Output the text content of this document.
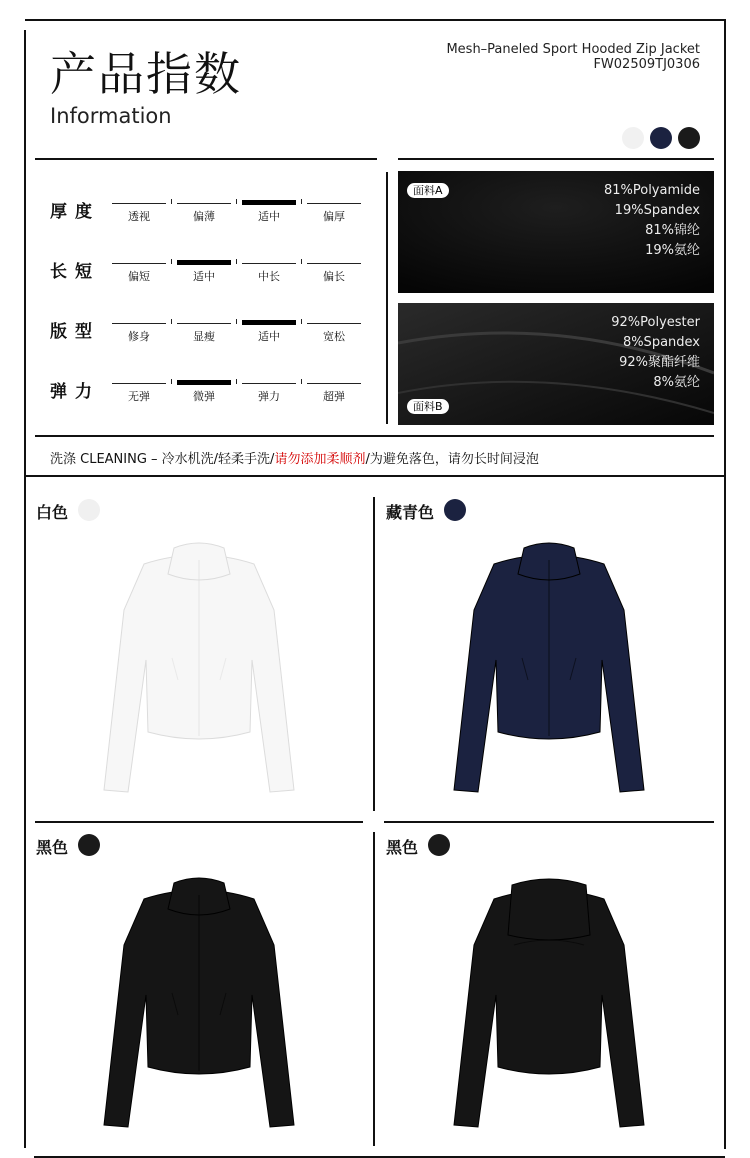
产品指数
Information
Mesh–Paneled Sport Hooded Zip Jacket
FW02509TJ0306
厚度	透视	偏薄	适中	偏厚
长短	偏短	适中	中长	偏长
版型	修身	显瘦	适中	宽松
弹力	无弹	微弹	弹力	超弹
面料A	81%Polyamide
19%Spandex
81%锦纶
19%氨纶
面料B
92%Polyester
8%Spandex
92%聚酯纤维
8%氨纶
洗涤 CLEANING – 冷水机洗/轻柔手洗/请勿添加柔顺剂/为避免落色，请勿长时间浸泡
白色	藏青色
黑色	黑色
